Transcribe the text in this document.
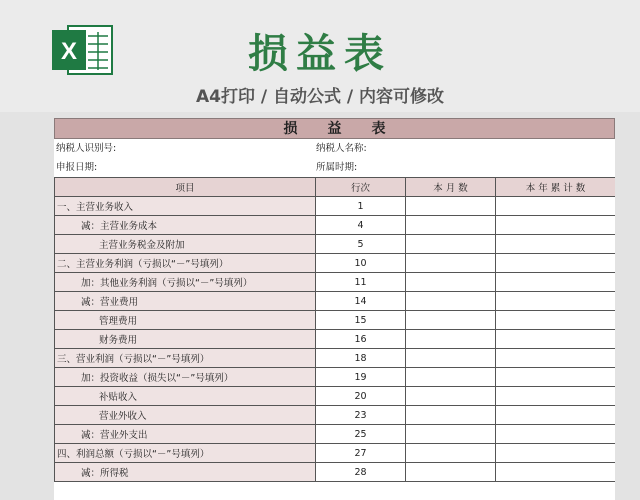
X	损益表
A4打印 / 自动公式 / 内容可修改
损益表
纳税人识别号:	纳税人名称:
申报日期:	所属时期:
项目	行次	本 月 数	本 年 累 计 数
一、主营业务收入	1		
减：主营业务成本	4		
主营业务税金及附加	5		
二、主营业务利润（亏损以“－”号填列）	10		
加：其他业务利润（亏损以“－”号填列）	11		
减：营业费用	14		
管理费用	15		
财务费用	16		
三、营业利润（亏损以“－”号填列）	18		
加：投资收益（损失以“－”号填列）	19		
补贴收入	20		
营业外收入	23		
减：营业外支出	25		
四、利润总额（亏损以“－”号填列）	27		
减：所得税	28		
